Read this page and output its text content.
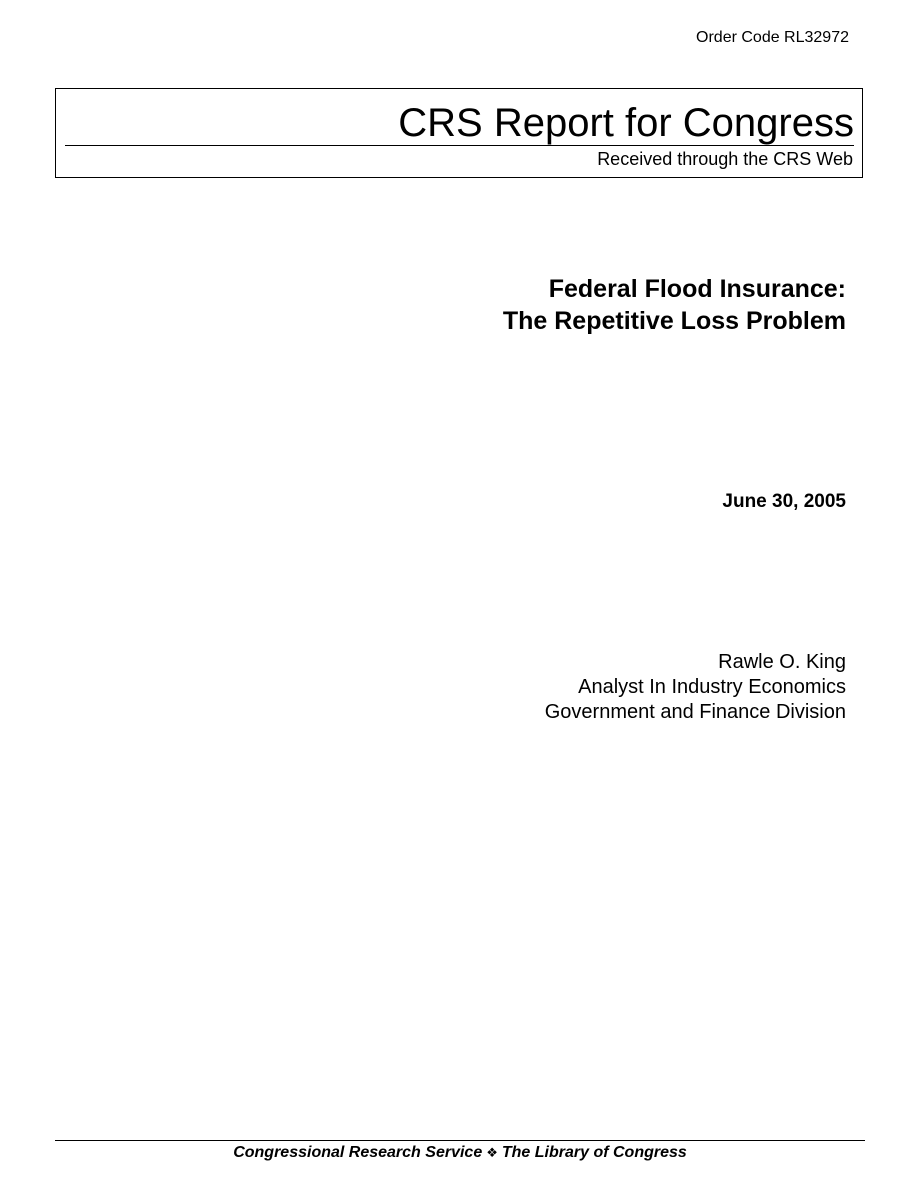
Order Code RL32972
CRS Report for Congress
Received through the CRS Web
Federal Flood Insurance:
The Repetitive Loss Problem
June 30, 2005
Rawle O. King
Analyst In Industry Economics
Government and Finance Division
Congressional Research Service ❖ The Library of Congress
